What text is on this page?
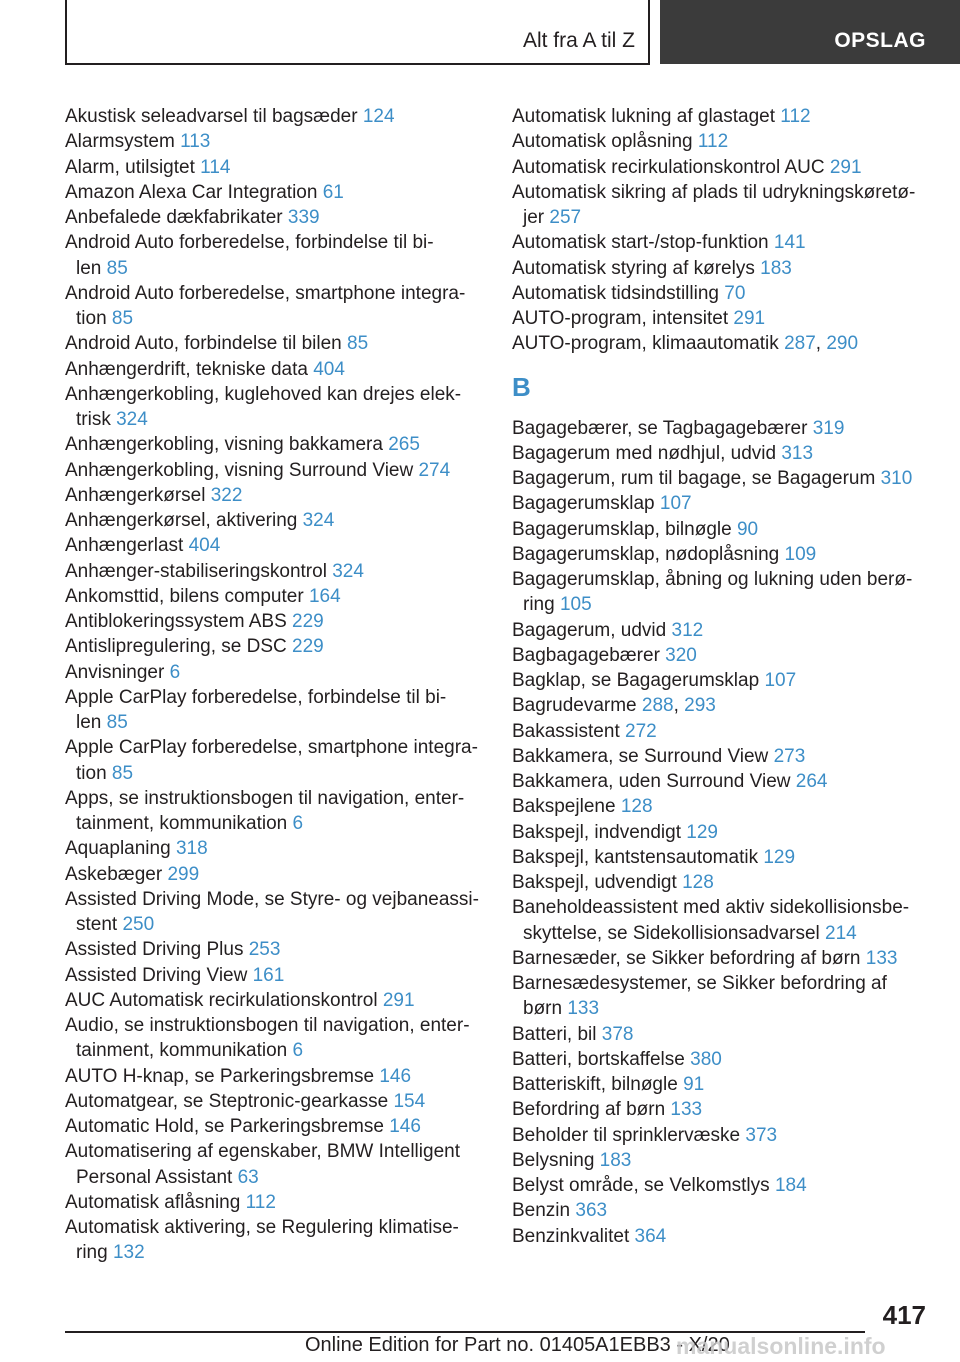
Alt fra A til Z	OPSLAG
Akustisk seleadvarsel til bagsæder 124
Alarmsystem 113
Alarm, utilsigtet 114
Amazon Alexa Car Integration 61
Anbefalede dækfabrikater 339
Android Auto forberedelse, forbindelse til bi-
len 85
Android Auto forberedelse, smartphone integra-
tion 85
Android Auto, forbindelse til bilen 85
Anhængerdrift, tekniske data 404
Anhængerkobling, kuglehoved kan drejes elek-
trisk 324
Anhængerkobling, visning bakkamera 265
Anhængerkobling, visning Surround View 274
Anhængerkørsel 322
Anhængerkørsel, aktivering 324
Anhængerlast 404
Anhænger-stabiliseringskontrol 324
Ankomsttid, bilens computer 164
Antiblokeringssystem ABS 229
Antislipregulering, se DSC 229
Anvisninger 6
Apple CarPlay forberedelse, forbindelse til bi-
len 85
Apple CarPlay forberedelse, smartphone integra-
tion 85
Apps, se instruktionsbogen til navigation, enter-
tainment, kommunikation 6
Aquaplaning 318
Askebæger 299
Assisted Driving Mode, se Styre- og vejbaneassi-
stent 250
Assisted Driving Plus 253
Assisted Driving View 161
AUC Automatisk recirkulationskontrol 291
Audio, se instruktionsbogen til navigation, enter-
tainment, kommunikation 6
AUTO H-knap, se Parkeringsbremse 146
Automatgear, se Steptronic-gearkasse 154
Automatic Hold, se Parkeringsbremse 146
Automatisering af egenskaber, BMW Intelligent
Personal Assistant 63
Automatisk aflåsning 112
Automatisk aktivering, se Regulering klimatise-
ring 132
Automatisk lukning af glastaget 112
Automatisk oplåsning 112
Automatisk recirkulationskontrol AUC 291
Automatisk sikring af plads til udrykningskøretø-
jer 257
Automatisk start-/stop-funktion 141
Automatisk styring af kørelys 183
Automatisk tidsindstilling 70
AUTO-program, intensitet 291
AUTO-program, klimaautomatik 287, 290
B
Bagagebærer, se Tagbagagebærer 319
Bagagerum med nødhjul, udvid 313
Bagagerum, rum til bagage, se Bagagerum 310
Bagagerumsklap 107
Bagagerumsklap, bilnøgle 90
Bagagerumsklap, nødoplåsning 109
Bagagerumsklap, åbning og lukning uden berø-
ring 105
Bagagerum, udvid 312
Bagbagagebærer 320
Bagklap, se Bagagerumsklap 107
Bagrudevarme 288, 293
Bakassistent 272
Bakkamera, se Surround View 273
Bakkamera, uden Surround View 264
Bakspejlene 128
Bakspejl, indvendigt 129
Bakspejl, kantstensautomatik 129
Bakspejl, udvendigt 128
Baneholdeassistent med aktiv sidekollisionsbe-
skyttelse, se Sidekollisionsadvarsel 214
Barnesæder, se Sikker befordring af børn 133
Barnesædesystemer, se Sikker befordring af
børn 133
Batteri, bil 378
Batteri, bortskaffelse 380
Batteriskift, bilnøgle 91
Befordring af børn 133
Beholder til sprinklervæske 373
Belysning 183
Belyst område, se Velkomstlys 184
Benzin 363
Benzinkvalitet 364
417
Online Edition for Part no. 01405A1EBB3 - X/20
manualsonline.info
